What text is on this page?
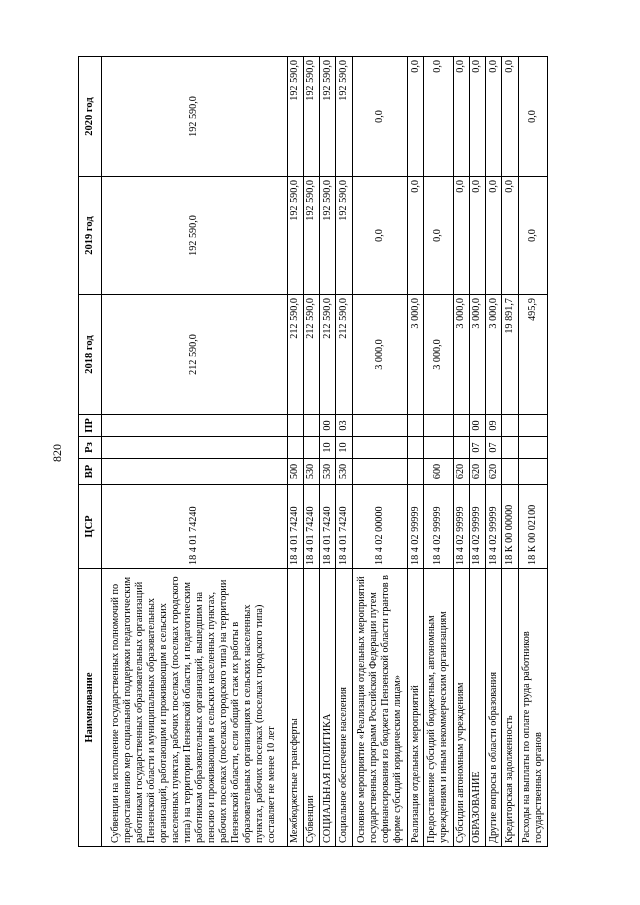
820
Наименование	ЦСР	ВР	Рз	ПР	2018 год	2019 год	2020 год
Субвенции на исполнение государственных полномочий по предоставлению мер социальной поддержки педагогическим работникам государственных образовательных организаций Пензенской области и муниципальных образовательных организаций, работающим и проживающим в сельских населенных пунктах, рабочих поселках (поселках городского типа) на территории Пензенской области, и педагогическим работникам образовательных организаций, вышедшим на пенсию и проживающим в сельских населенных пунктах, рабочих поселках (поселках городского типа) на территории Пензенской области, если общий стаж их работы в образовательных организациях в сельских населенных пунктах, рабочих поселках (поселках городского типа) составляет не менее 10 лет	18 4 01 74240				212 590,0	192 590,0	192 590,0
Межбюджетные трансферты	18 4 01 74240	500			212 590,0	192 590,0	192 590,0
Субвенции	18 4 01 74240	530			212 590,0	192 590,0	192 590,0
СОЦИАЛЬНАЯ ПОЛИТИКА	18 4 01 74240	530	10	00	212 590,0	192 590,0	192 590,0
Социальное обеспечение населения	18 4 01 74240	530	10	03	212 590,0	192 590,0	192 590,0
Основное мероприятие «Реализация отдельных мероприятий государственных программ Российской Федерации путем софинансирования из бюджета Пензенской области грантов в форме субсидий юридическим лицам»	18 4 02 00000				3 000,0	0,0	0,0
Реализация отдельных мероприятий	18 4 02 99999				3 000,0	0,0	0,0
Предоставление субсидий бюджетным, автономным учреждениям и иным некоммерческим организациям	18 4 02 99999	600			3 000,0	0,0	0,0
Субсидии автономным учреждениям	18 4 02 99999	620			3 000,0	0,0	0,0
ОБРАЗОВАНИЕ	18 4 02 99999	620	07	00	3 000,0	0,0	0,0
Другие вопросы в области образования	18 4 02 99999	620	07	09	3 000,0	0,0	0,0
Кредиторская задолженность	18 К 00 00000				19 891,7	0,0	0,0
Расходы на выплаты по оплате труда работников государственных органов	18 К 00 02100				495,9	0,0	0,0
